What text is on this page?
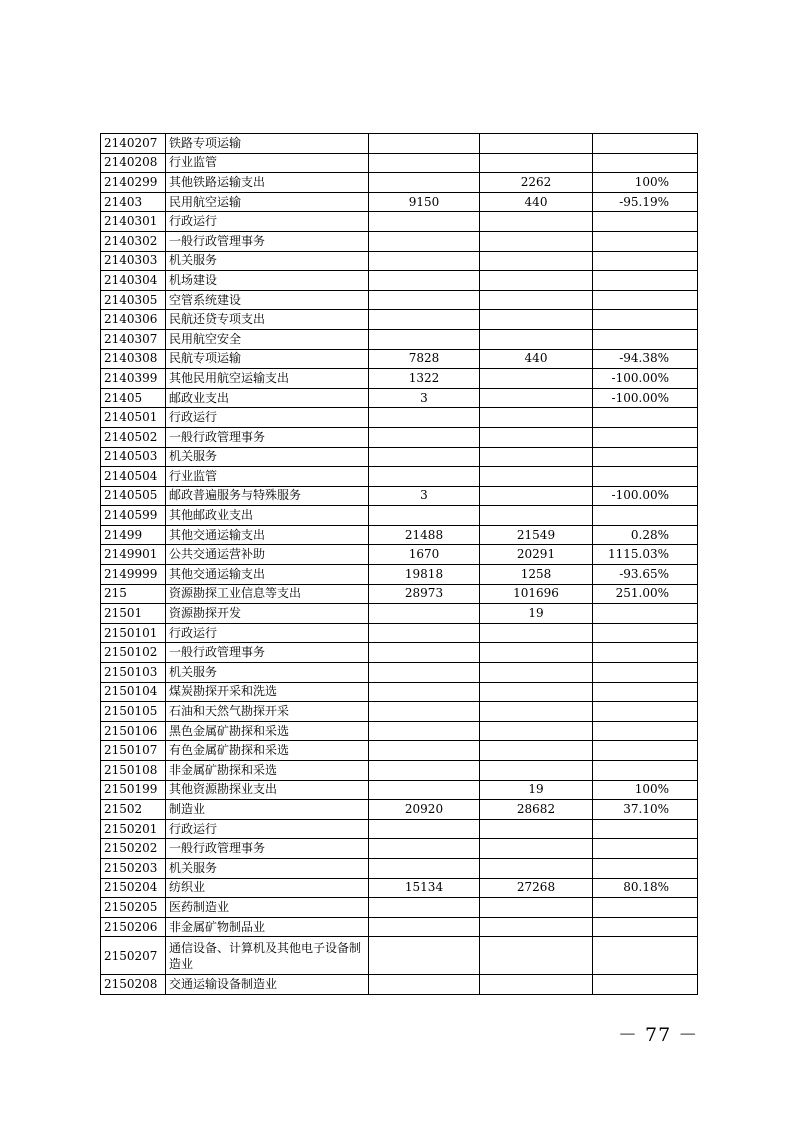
2140207	铁路专项运输			
2140208	行业监管			
2140299	其他铁路运输支出		2262	100%
21403	民用航空运输	9150	440	-95.19%
2140301	行政运行			
2140302	一般行政管理事务			
2140303	机关服务			
2140304	机场建设			
2140305	空管系统建设			
2140306	民航还贷专项支出			
2140307	民用航空安全			
2140308	民航专项运输	7828	440	-94.38%
2140399	其他民用航空运输支出	1322		-100.00%
21405	邮政业支出	3		-100.00%
2140501	行政运行			
2140502	一般行政管理事务			
2140503	机关服务			
2140504	行业监管			
2140505	邮政普遍服务与特殊服务	3		-100.00%
2140599	其他邮政业支出			
21499	其他交通运输支出	21488	21549	0.28%
2149901	公共交通运营补助	1670	20291	1115.03%
2149999	其他交通运输支出	19818	1258	-93.65%
215	资源勘探工业信息等支出	28973	101696	251.00%
21501	资源勘探开发		19	
2150101	行政运行			
2150102	一般行政管理事务			
2150103	机关服务			
2150104	煤炭勘探开采和洗选			
2150105	石油和天然气勘探开采			
2150106	黑色金属矿勘探和采选			
2150107	有色金属矿勘探和采选			
2150108	非金属矿勘探和采选			
2150199	其他资源勘探业支出		19	100%
21502	制造业	20920	28682	37.10%
2150201	行政运行			
2150202	一般行政管理事务			
2150203	机关服务			
2150204	纺织业	15134	27268	80.18%
2150205	医药制造业			
2150206	非金属矿物制品业			
2150207	通信设备、计算机及其他电子设备制造业			
2150208	交通运输设备制造业			
－ 77 －
